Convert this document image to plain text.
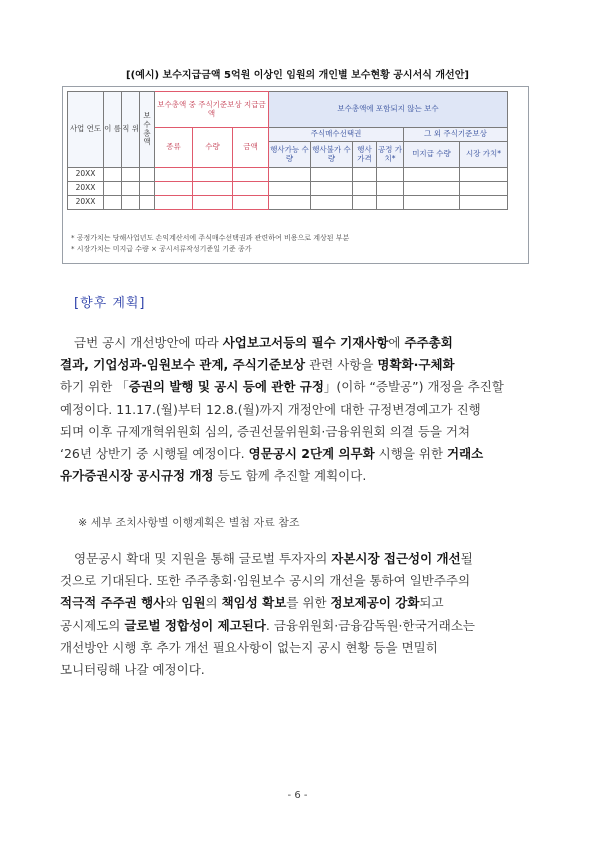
[(예시) 보수지급금액 5억원 이상인 임원의 개인별 보수현황 공시서식 개선안]
사업 연도	이 름	직 위	보 수 총 액	보수총액 중 주식기준보상 지급금액			보수총액에 포함되지 않는 보수					
				종류	수량	금액	주식매수선택권				그 외 주식기준보상	
							행사가능 수량	행사불가 수량	행사 가격	공정 가치*	미지급 수량	시장 가치*
20XX												
20XX												
20XX												
* 공정가치는 당해사업년도 손익계산서에 주식매수선택권과 관련하여 비용으로 계상된 부분
* 시장가치는 미지급 수량 × 공시서류작성기준일 기준 종가
[향후 계획]
금번 공시 개선방안에 따라 사업보고서등의 필수 기재사항에 주주총회
결과, 기업성과-임원보수 관계, 주식기준보상 관련 사항을 명확화·구체화
하기 위한 「증권의 발행 및 공시 등에 관한 규정」(이하 “증발공”) 개정을 추진할
예정이다. 11.17.(월)부터 12.8.(월)까지 개정안에 대한 규정변경예고가 진행
되며 이후 규제개혁위원회 심의, 증권선물위원회·금융위원회 의결 등을 거쳐
‘26년 상반기 중 시행될 예정이다. 영문공시 2단계 의무화 시행을 위한 거래소
유가증권시장 공시규정 개정 등도 함께 추진할 계획이다.
※ 세부 조치사항별 이행계획은 별첨 자료 참조
영문공시 확대 및 지원을 통해 글로벌 투자자의 자본시장 접근성이 개선될
것으로 기대된다. 또한 주주총회·임원보수 공시의 개선을 통하여 일반주주의
적극적 주주권 행사와 임원의 책임성 확보를 위한 정보제공이 강화되고
공시제도의 글로벌 정합성이 제고된다. 금융위원회·금융감독원·한국거래소는
개선방안 시행 후 추가 개선 필요사항이 없는지 공시 현황 등을 면밀히
모니터링해 나갈 예정이다.
- 6 -
